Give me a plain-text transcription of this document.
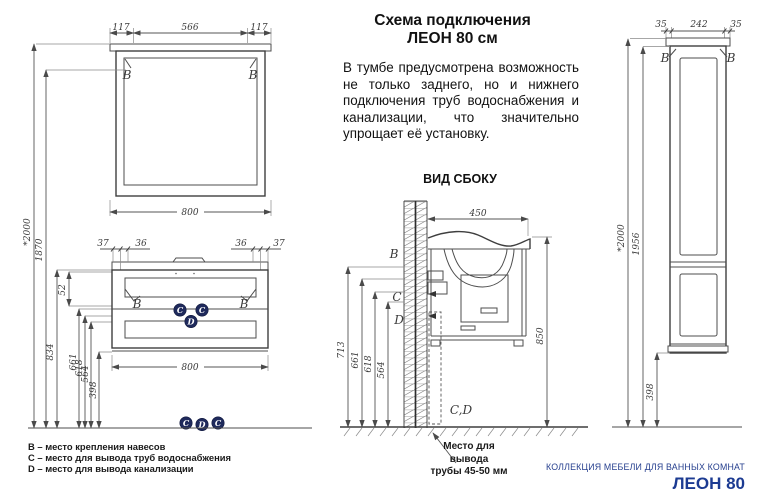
B	B
117	566	117
800
*2000
1870
52
834
661
618
564
398
B	B
37	36	36	37
C C
D
800
C D C
B
C
D
450
850
713
661 618 564
C,D
35	242	35
B	B
*2000 1956
398
Схема подключения
ЛЕОН 80 см
В тумбе предусмотрена возможность не только заднего, но и нижнего подключения труб водоснабжения и канализации, что значительно упрощает её установку.
ВИД СБОКУ
B – место крепления навесов
C – место для вывода труб водоснабжения
D – место для вывода канализации
Место для
вывода
трубы 45-50 мм	КОЛЛЕКЦИЯ МЕБЕЛИ ДЛЯ ВАННЫХ КОМНАТ
ЛЕОН 80
